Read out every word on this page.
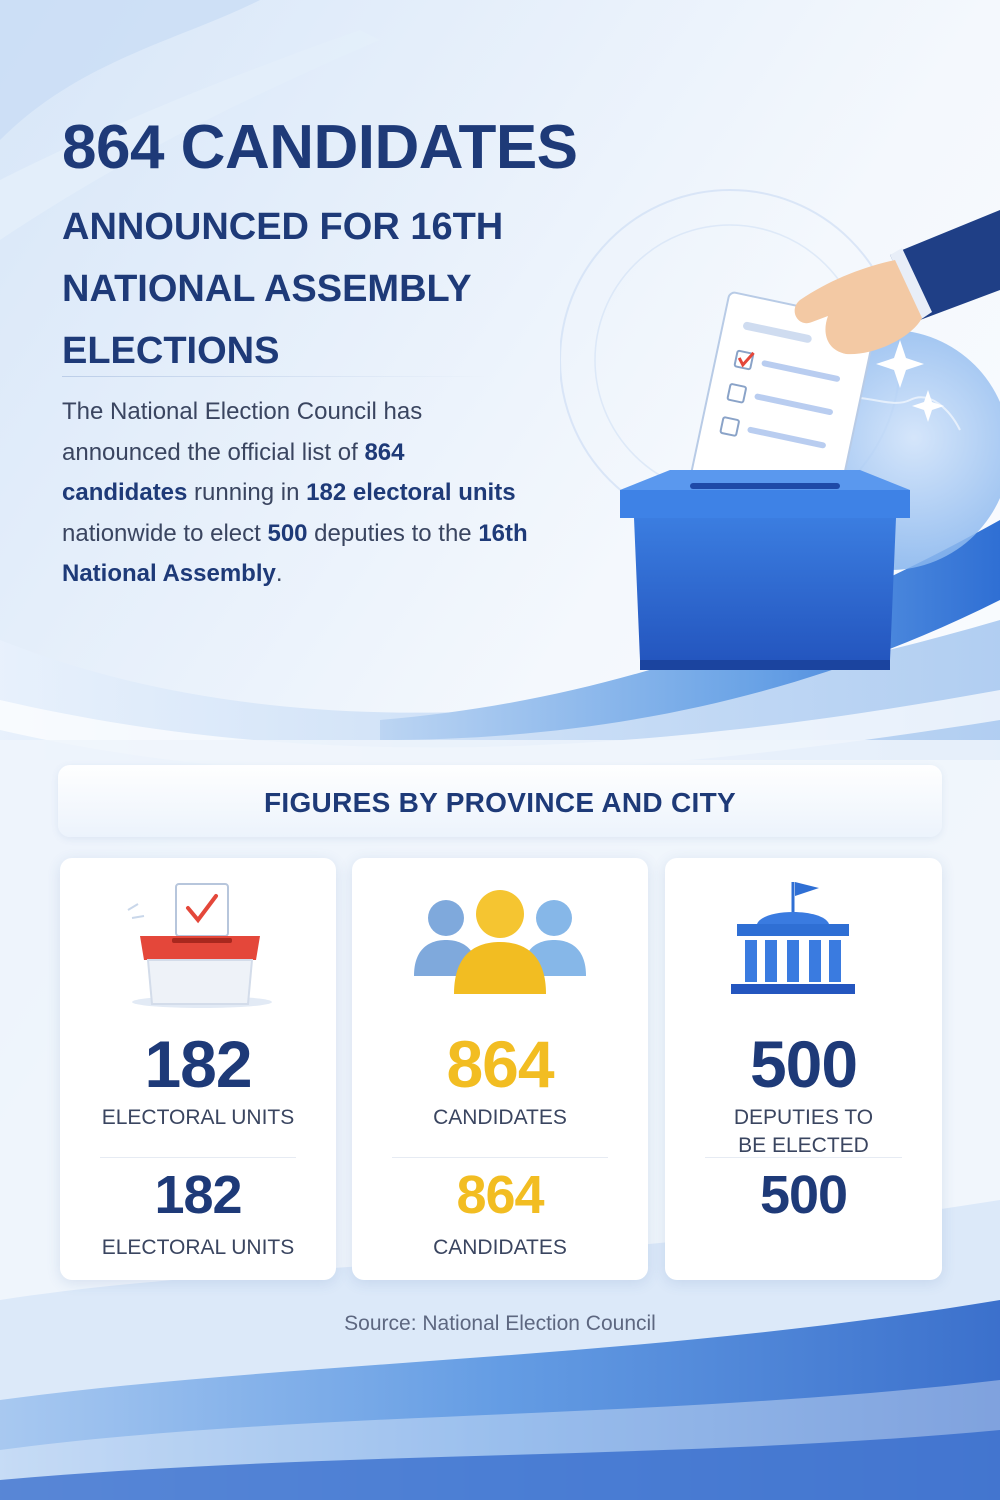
864 CANDIDATES
ANNOUNCED FOR 16TH NATIONAL ASSEMBLY ELECTIONS

The National Election Council has announced the official list of 864 candidates running in 182 electoral units nationwide to elect 500 deputies to the 16th National Assembly.

FIGURES BY PROVINCE AND CITY
182
ELECTORAL UNITS
182
ELECTORAL UNITS
864
CANDIDATES
864
CANDIDATES
500
DEPUTIES TO
BE ELECTED
500

Source: National Election Council
